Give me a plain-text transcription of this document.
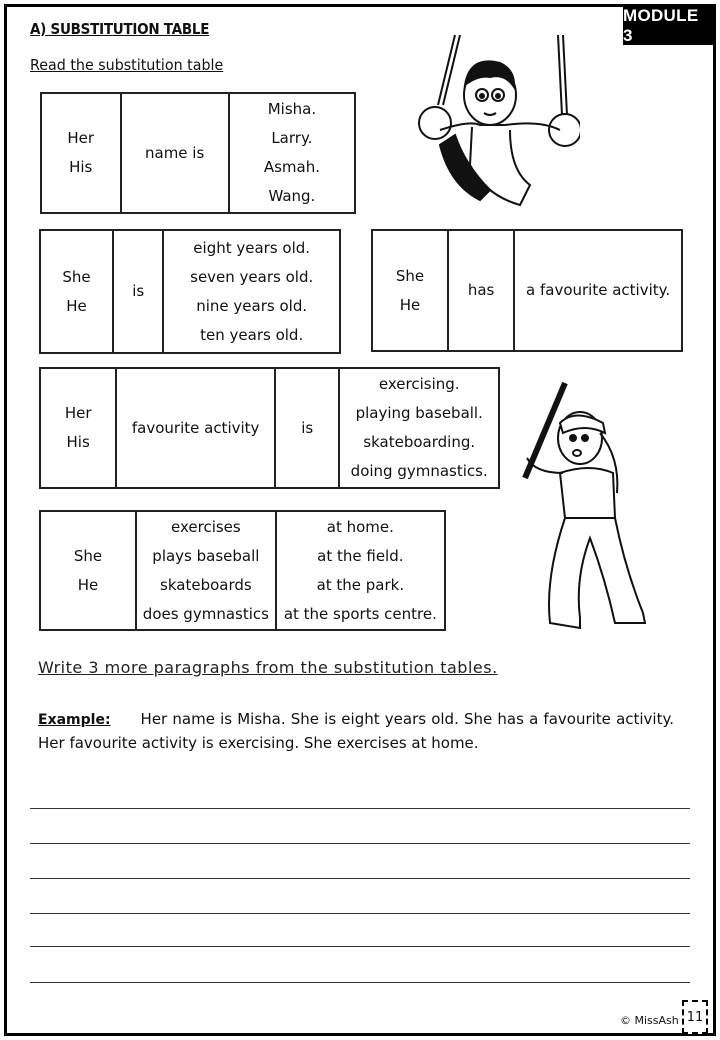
MODULE 3
A) SUBSTITUTION TABLE
Read the substitution table
Her
His
name is
Misha.
Larry.
Asmah.
Wang.
She
He
is
eight years old.
seven years old.
nine years old.
ten years old.
She
He
has a favourite activity.
Her
His
favourite activity	is
exercising.
playing baseball.
skateboarding.
doing gymnastics.
She
He
exercises
plays baseball
skateboards
does gymnastics
at home.
at the field.
at the park.
at the sports centre.
Write 3 more paragraphs from the substitution tables.
Example: Her name is Misha. She is eight years old. She has a favourite activity. Her favourite activity is exercising. She exercises at home.
© MissAsh 11
